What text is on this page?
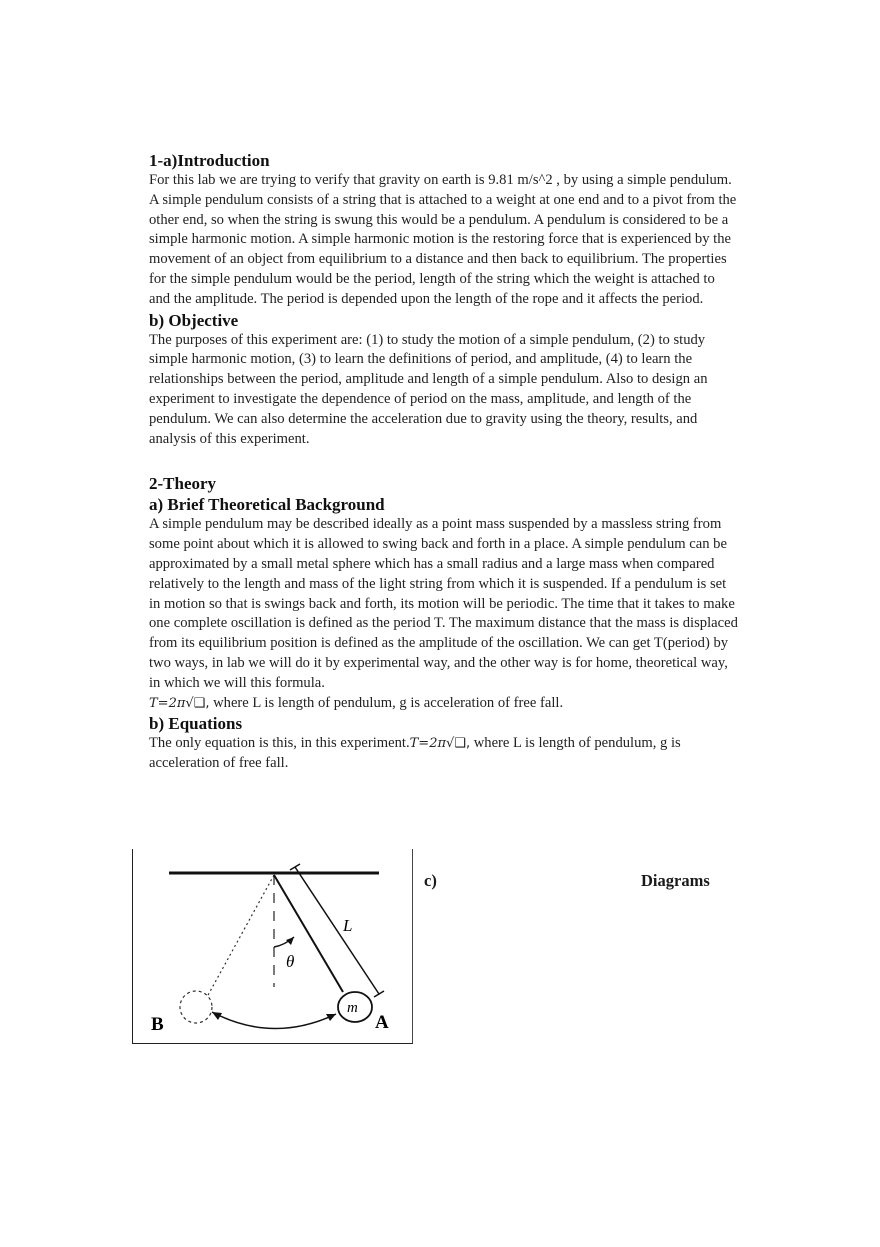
1-a)Introduction

For this lab we are trying to verify that gravity on earth is 9.81 m/s^2 , by using a simple pendulum. A simple pendulum consists of a string that is attached to a weight at one end and to a pivot from the other end, so when the string is swung this would be a pendulum. A pendulum is considered to be a simple harmonic motion. A simple harmonic motion is the restoring force that is experienced by the movement of an object from equilibrium to a distance and then back to equilibrium. The properties for the simple pendulum would be the period, length of the string which the weight is attached to and the amplitude. The period is depended upon the length of the rope and it affects the period.

b) Objective

The purposes of this experiment are: (1) to study the motion of a simple pendulum, (2) to study simple harmonic motion, (3) to learn the definitions of period, and amplitude, (4) to learn the relationships between the period, amplitude and length of a simple pendulum. Also to design an experiment to investigate the dependence of period on the mass, amplitude, and length of the pendulum. We can also determine the acceleration due to gravity using the theory, results, and analysis of this experiment.

2-Theory
a) Brief Theoretical Background

A simple pendulum may be described ideally as a point mass suspended by a massless string from some point about which it is allowed to swing back and forth in a place. A simple pendulum can be approximated by a small metal sphere which has a small radius and a large mass when compared relatively to the length and mass of the light string from which it is suspended. If a pendulum is set in motion so that is swings back and forth, its motion will be periodic. The time that it takes to make one complete oscillation is defined as the period T. The maximum distance that the mass is displaced from its equilibrium position is defined as the amplitude of the oscillation. We can get T(period) by two ways, in lab we will do it by experimental way, and the other way is for home, theoretical way, in which we will this formula.
T=2π√❑, where L is length of pendulum, g is acceleration of free fall.

b) Equations

The only equation is this, in this experiment.T=2π√❑, where L is length of pendulum, g is acceleration of free fall.

m
L
θ
B	A
c)	Diagrams
